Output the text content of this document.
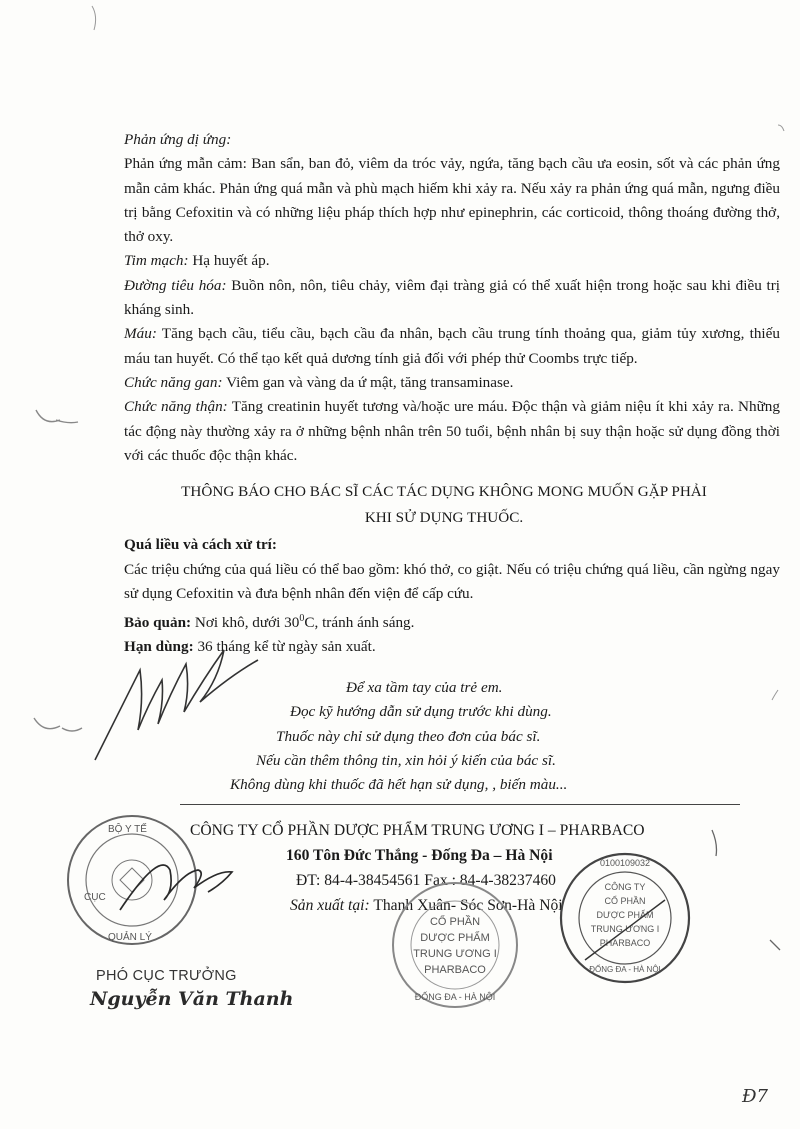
Phản ứng dị ứng:

Phản ứng mẫn cảm: Ban sẩn, ban đỏ, viêm da tróc vảy, ngứa, tăng bạch cầu ưa eosin, sốt và các phản ứng mẫn cảm khác. Phản ứng quá mẫn và phù mạch hiếm khi xảy ra. Nếu xảy ra phản ứng quá mẫn, ngưng điều trị bằng Cefoxitin và có những liệu pháp thích hợp như epinephrin, các corticoid, thông thoáng đường thở, thở oxy.

Tim mạch: Hạ huyết áp.

Đường tiêu hóa: Buồn nôn, nôn, tiêu chảy, viêm đại tràng giả có thể xuất hiện trong hoặc sau khi điều trị kháng sinh.

Máu: Tăng bạch cầu, tiểu cầu, bạch cầu đa nhân, bạch cầu trung tính thoảng qua, giảm tủy xương, thiếu máu tan huyết. Có thể tạo kết quả dương tính giả đối với phép thử Coombs trực tiếp.

Chức năng gan: Viêm gan và vàng da ứ mật, tăng transaminase.

Chức năng thận: Tăng creatinin huyết tương và/hoặc ure máu. Độc thận và giảm niệu ít khi xảy ra. Những tác động này thường xảy ra ở những bệnh nhân trên 50 tuổi, bệnh nhân bị suy thận hoặc sử dụng đồng thời với các thuốc độc thận khác.

THÔNG BÁO CHO BÁC SĨ CÁC TÁC DỤNG KHÔNG MONG MUỐN GẶP PHẢI
KHI SỬ DỤNG THUỐC.

Quá liều và cách xử trí:

Các triệu chứng của quá liều có thể bao gồm: khó thở, co giật. Nếu có triệu chứng quá liều, cần ngừng ngay sử dụng Cefoxitin và đưa bệnh nhân đến viện để cấp cứu.

Bảo quản: Nơi khô, dưới $30^0C$, tránh ánh sáng.

Hạn dùng: 36 tháng kể từ ngày sản xuất.

Để xa tầm tay của trẻ em.

Đọc kỹ hướng dẫn sử dụng trước khi dùng.

Thuốc này chỉ sử dụng theo đơn của bác sĩ.

Nếu cần thêm thông tin, xin hỏi ý kiến của bác sĩ.

Không dùng khi thuốc đã hết hạn sử dụng, , biến màu...

CÔNG TY CỔ PHẦN DƯỢC PHẨM TRUNG ƯƠNG I – PHARBACO

160 Tôn Đức Thắng - Đống Đa – Hà Nội

ĐT: 84-4-38454561 Fax : 84-4-38237460

Sản xuất tại: Thanh Xuân- Sóc Sơn-Hà Nội

PHÓ CỤC TRƯỞNG
Nguyễn Văn Thanh
BỘ Y TẾ
CỤC
QUẢN LÝ
CỔ PHẦN
DƯỢC PHẨM
TRUNG ƯƠNG I
PHARBACO
ĐỐNG ĐA - HÀ NỘI
0100109032
CÔNG TY
CỔ PHẦN
DƯỢC PHẨM
TRUNG ƯƠNG I
PHARBACO
ĐỐNG ĐA - HÀ NỘI
Đ7
